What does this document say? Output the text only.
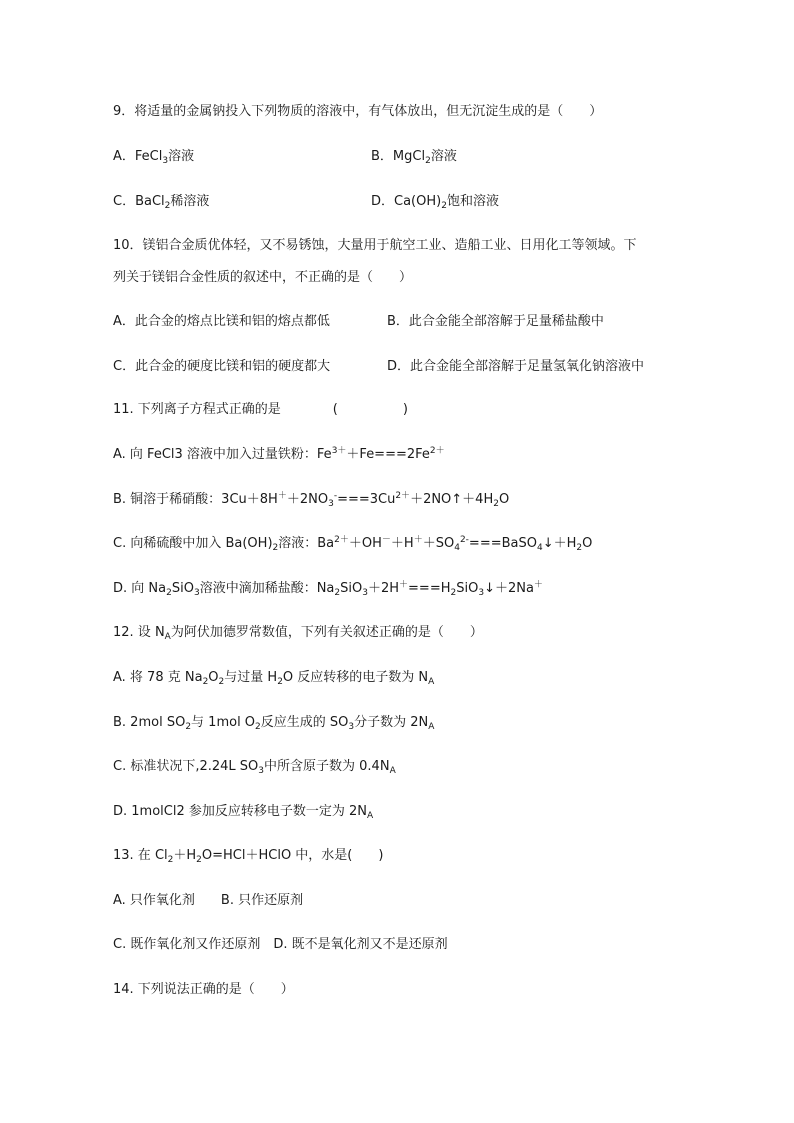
9．将适量的金属钠投入下列物质的溶液中，有气体放出，但无沉淀生成的是（　　）
A．FeCl$_3$溶液	B．MgCl$_2$溶液
C．BaCl$_2$稀溶液	D．$Ca(OH)_2$饱和溶液
10．镁铝合金质优体轻，又不易锈蚀，大量用于航空工业、造船工业、日用化工等领域。下
列关于镁铝合金性质的叙述中，不正确的是（　　）
A．此合金的熔点比镁和铝的熔点都低	B．此合金能全部溶解于足量稀盐酸中
C．此合金的硬度比镁和铝的硬度都大	D．此合金能全部溶解于足量氢氧化钠溶液中
11. 下列离子方程式正确的是　　　　(　　　　　)
A. 向 FeCl3 溶液中加入过量铁粉：$Fe^{3+}+Fe===2Fe^{2+}$
B. 铜溶于稀硝酸：$3Cu+8H^++2NO_3^-===3Cu^{2+}+2NO↑+4H_2O$
C. 向稀硫酸中加入 $Ba(OH)_2$溶液：$Ba^{2+}+OH^-+H^++SO_4^{2-}===BaSO_4↓+H_2O$
D. 向 $Na_2SiO_3$溶液中滴加稀盐酸：$Na_2SiO_3+2H^+===H_2SiO_3↓+2Na^+$
12. 设 $N_A$为阿伏加德罗常数值，下列有关叙述正确的是（　　）
A. 将 78 克 $Na_2O_2$与过量 $H_2O$ 反应转移的电子数为 $N_A$
B. 2mol $SO_2$与 1mol $O_2$反应生成的 $SO_3$分子数为 $2N_A$
C. 标准状况下,2.24L $SO_3$中所含原子数为 $0.4N_A$
D. 1molCl2 参加反应转移电子数一定为 $2N_A$
13. 在 $Cl_2+H_2O=HCl+HClO$ 中，水是(　　)
A. 只作氧化剂　　B. 只作还原剂
C. 既作氧化剂又作还原剂　D. 既不是氧化剂又不是还原剂
14. 下列说法正确的是（　　）
